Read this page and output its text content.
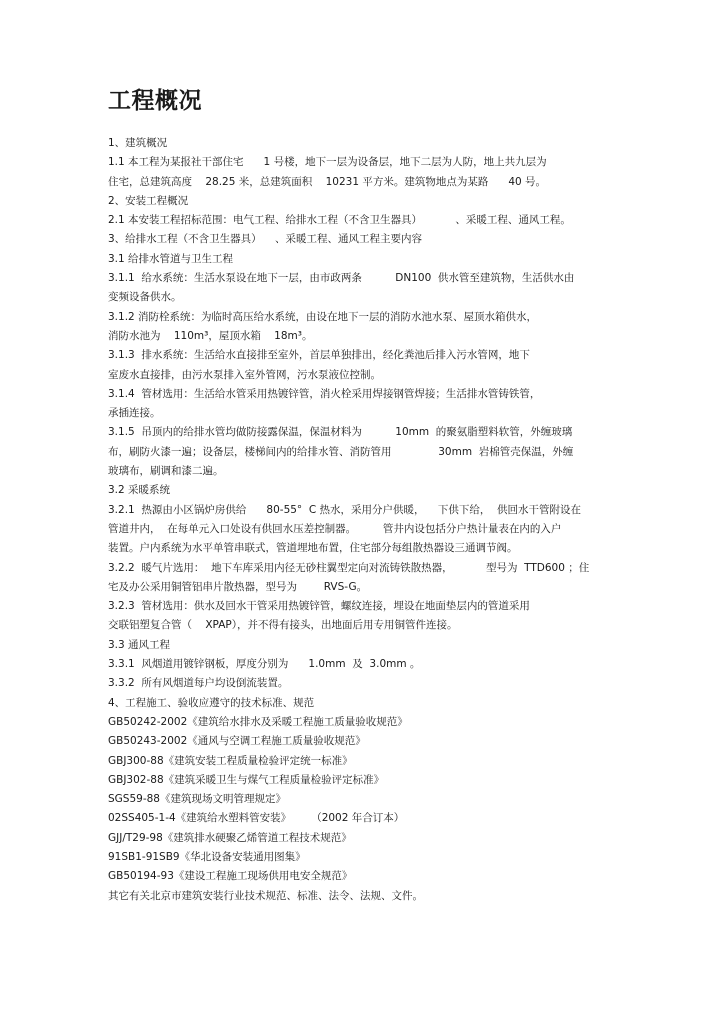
工程概况
1、建筑概况
1.1 本工程为某报社干部住宅      1 号楼，地下一层为设备层，地下二层为人防，地上共九层为
住宅，总建筑高度    28.25 米，总建筑面积    10231 平方米。建筑物地点为某路      40 号。
2、安装工程概况
2.1 本安装工程招标范围：电气工程、给排水工程（不含卫生器具）          、采暖工程、通风工程。
3、给排水工程（不含卫生器具）    、采暖工程、通风工程主要内容
3.1 给排水管道与卫生工程
3.1.1  给水系统：生活水泵设在地下一层，由市政两条          DN100  供水管至建筑物，生活供水由
变频设备供水。
3.1.2 消防栓系统：为临时高压给水系统，由设在地下一层的消防水池水泵、屋顶水箱供水，
消防水池为    110m³，屋顶水箱    18m³。
3.1.3  排水系统：生活给水直接排至室外，首层单独排出，经化粪池后排入污水管网，地下
室废水直接排，由污水泵排入室外管网，污水泵液位控制。
3.1.4  管材选用：生活给水管采用热镀锌管，消火栓采用焊接钢管焊接；生活排水管铸铁管，
承插连接。
3.1.5  吊顶内的给排水管均做防接露保温，保温材料为          10mm  的聚氨脂塑料软管，外缠玻璃
布，刷防火漆一遍；设备层，楼梯间内的给排水管、消防管用              30mm  岩棉管壳保温，外缠
玻璃布，刷调和漆二遍。
3.2 采暖系统
3.2.1  热源由小区锅炉房供给      80-55°  C 热水，采用分户供暖，    下供下给，  供回水干管附设在
管道井内，  在每单元入口处设有供回水压差控制器。        管井内设包括分户热计量表在内的入户
装置。户内系统为水平单管串联式，管道埋地布置，住宅部分每组散热器设三通调节阀。
3.2.2  暖气片选用：  地下车库采用内径无砂柱翼型定向对流铸铁散热器，          型号为  TTD600 ；住
宅及办公采用铜管铝串片散热器，型号为        RVS-G。
3.2.3  管材选用：供水及回水干管采用热镀锌管，螺纹连接，埋设在地面垫层内的管道采用
交联铝塑复合管（    XPAP），并不得有接头，出地面后用专用铜管件连接。
3.3 通风工程
3.3.1  风烟道用镀锌钢板，厚度分别为      1.0mm  及  3.0mm 。
3.3.2  所有风烟道每户均设倒流装置。
4、工程施工、验收应遵守的技术标准、规范
GB50242-2002《建筑给水排水及采暖工程施工质量验收规范》
GB50243-2002《通风与空调工程施工质量验收规范》
GBJ300-88《建筑安装工程质量检验评定统一标准》
GBJ302-88《建筑采暖卫生与煤气工程质量检验评定标准》
SGS59-88《建筑现场文明管理规定》
02SS405-1-4《建筑给水塑料管安装》      （2002 年合订本）
GJJ/T29-98《建筑排水硬聚乙烯管道工程技术规范》
91SB1-91SB9《华北设备安装通用图集》
GB50194-93《建设工程施工现场供用电安全规范》
其它有关北京市建筑安装行业技术规范、标准、法令、法规、文件。
